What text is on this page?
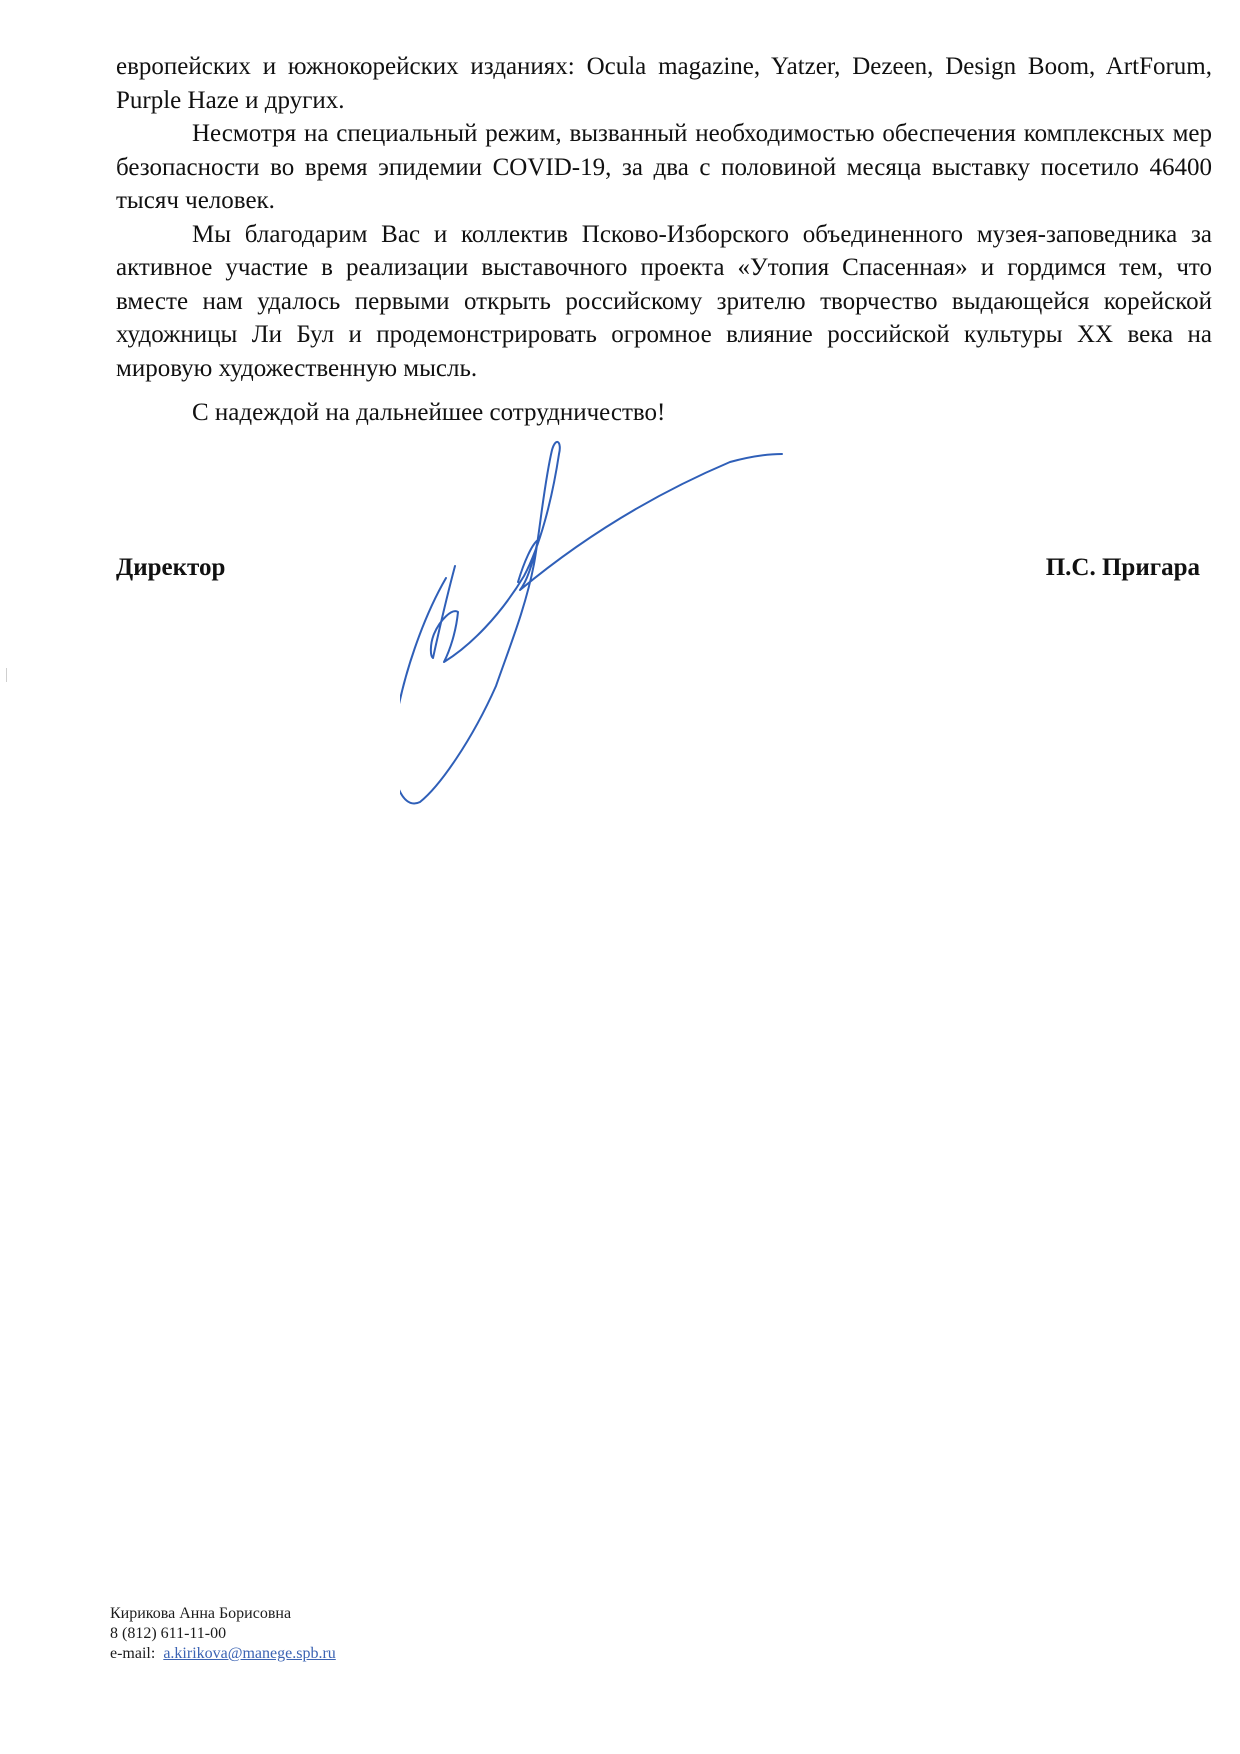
европейских и южнокорейских изданиях: Ocula magazine, Yatzer, Dezeen, Design Boom, ArtForum, Purple Haze и других.

Несмотря на специальный режим, вызванный необходимостью обеспечения комплексных мер безопасности во время эпидемии COVID-19, за два с половиной месяца выставку посетило 46400 тысяч человек.

Мы благодарим Вас и коллектив Псково-Изборского объединенного музея-заповедника за активное участие в реализации выставочного проекта «Утопия Спасенная» и гордимся тем, что вместе нам удалось первыми открыть российскому зрителю творчество выдающейся корейской художницы Ли Бул и продемонстрировать огромное влияние российской культуры XX века на мировую художественную мысль.

С надеждой на дальнейшее сотрудничество!
Директор	П.С. Пригара
Кирикова Анна Борисовна
8 (812) 611-11-00
e-mail: a.kirikova@manege.spb.ru
